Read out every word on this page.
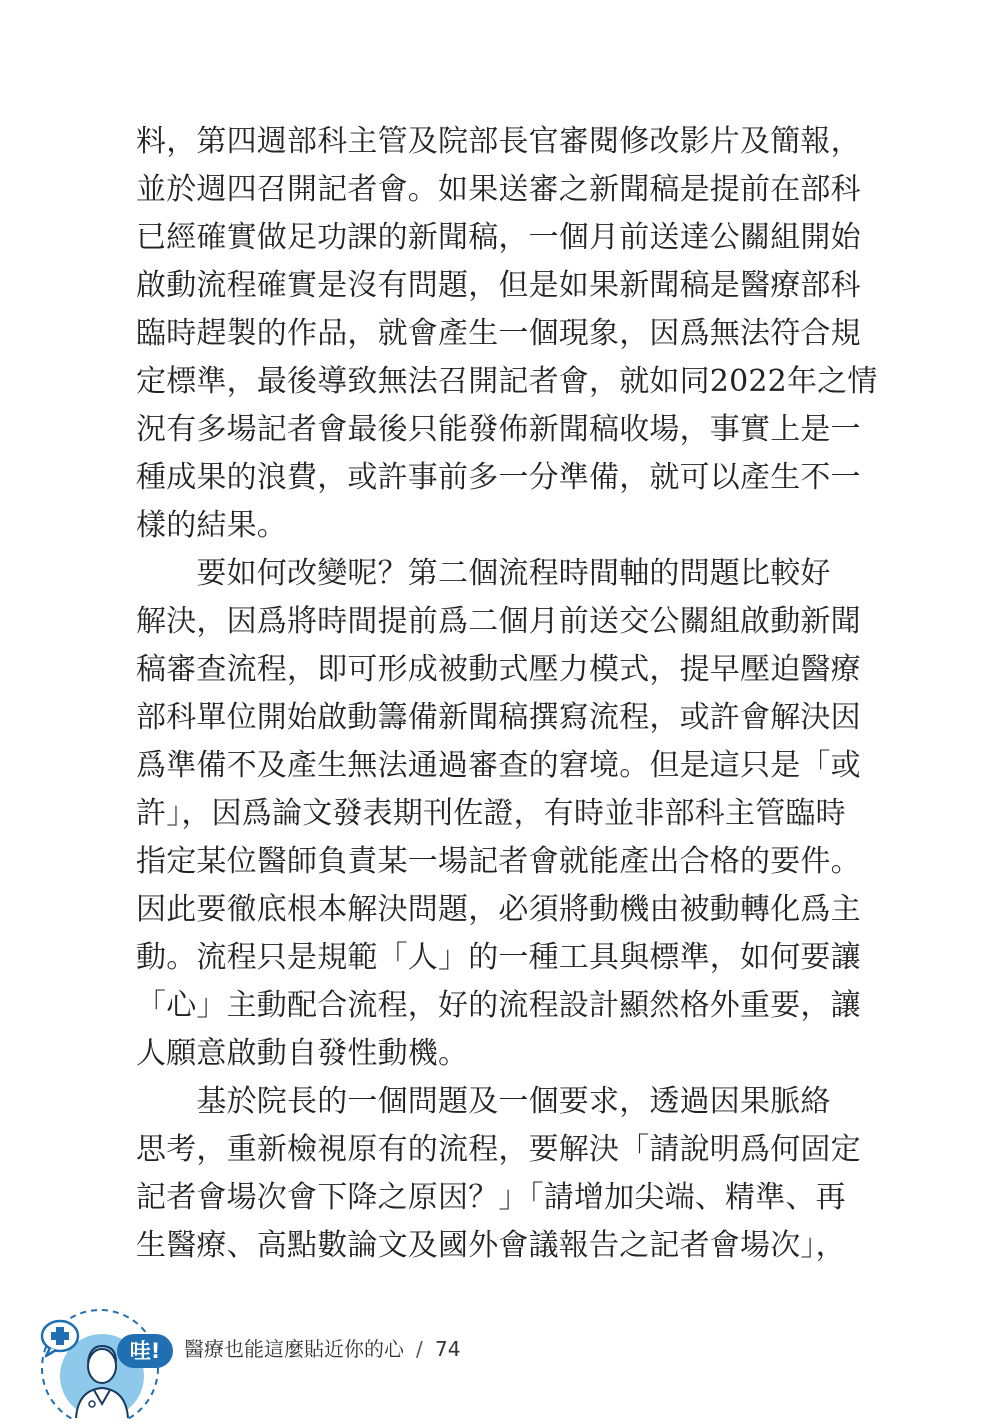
料，第四週部科主管及院部長官審閱修改影片及簡報，
並於週四召開記者會。如果送審之新聞稿是提前在部科
已經確實做足功課的新聞稿，一個月前送達公關組開始
啟動流程確實是沒有問題，但是如果新聞稿是醫療部科
臨時趕製的作品，就會產生一個現象，因爲無法符合規
定標準，最後導致無法召開記者會，就如同2022年之情
況有多場記者會最後只能發佈新聞稿收場，事實上是一
種成果的浪費，或許事前多一分準備，就可以產生不一
樣的結果。
　　要如何改變呢？第二個流程時間軸的問題比較好
解決，因爲將時間提前爲二個月前送交公關組啟動新聞
稿審查流程，即可形成被動式壓力模式，提早壓迫醫療
部科單位開始啟動籌備新聞稿撰寫流程，或許會解決因
爲準備不及產生無法通過審查的窘境。但是這只是「或
許」，因爲論文發表期刊佐證，有時並非部科主管臨時
指定某位醫師負責某一場記者會就能產出合格的要件。
因此要徹底根本解決問題，必須將動機由被動轉化爲主
動。流程只是規範「人」的一種工具與標準，如何要讓
「心」主動配合流程，好的流程設計顯然格外重要，讓
人願意啟動自發性動機。
　　基於院長的一個問題及一個要求，透過因果脈絡
思考，重新檢視原有的流程，要解決「請說明爲何固定
記者會場次會下降之原因？」「請增加尖端、精準、再
生醫療、高點數論文及國外會議報告之記者會場次」，
哇!	醫療也能這麼貼近你的心 / 74
